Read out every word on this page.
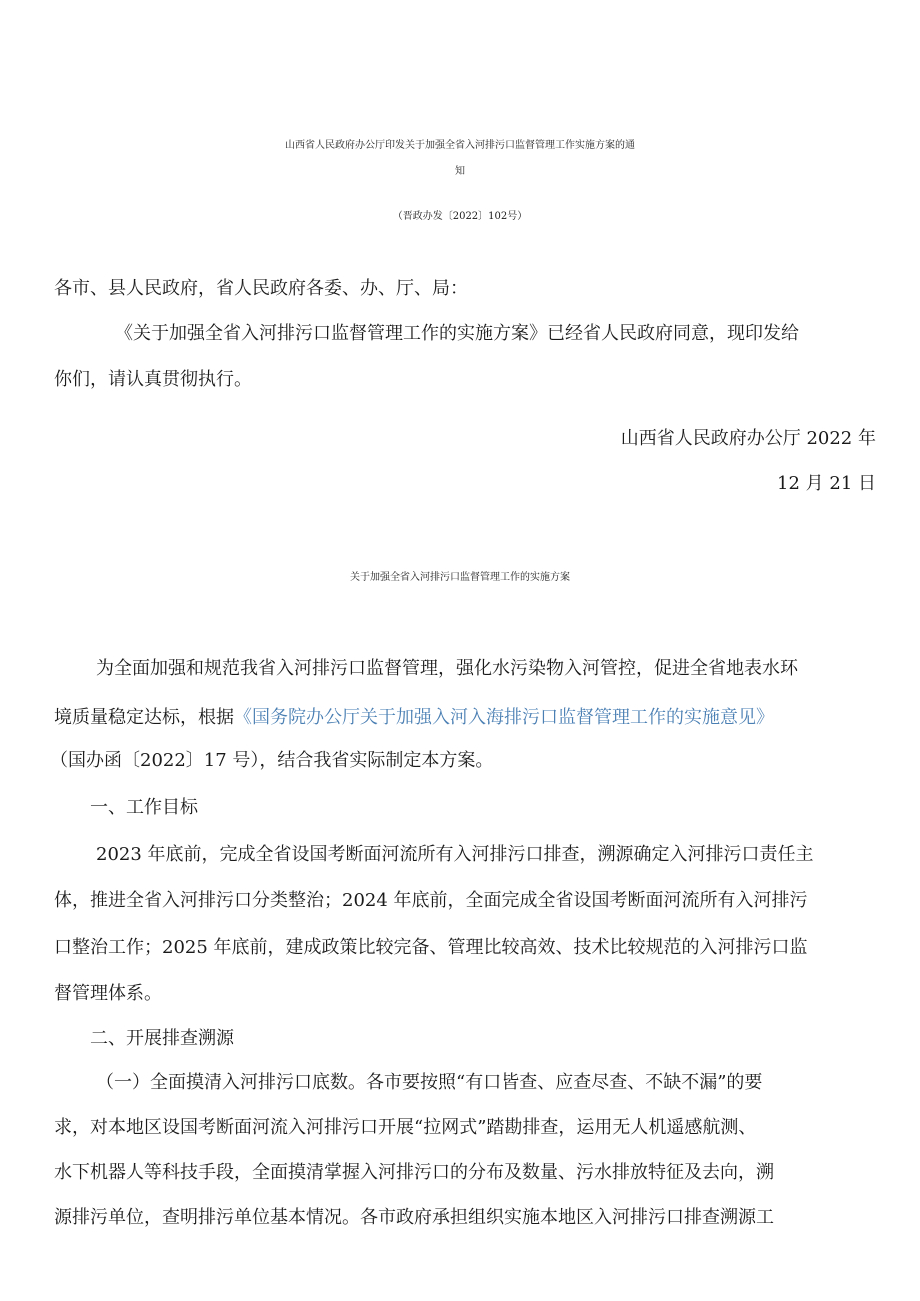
山西省人民政府办公厅印发关于加强全省入河排污口监督管理工作实施方案的通

知

（晋政办发〔2022〕102号）

各市、县人民政府，省人民政府各委、办、厅、局：

《关于加强全省入河排污口监督管理工作的实施方案》已经省人民政府同意，现印发给

你们，请认真贯彻执行。

山西省人民政府办公厅 2022 年

12 月 21 日

关于加强全省入河排污口监督管理工作的实施方案

为全面加强和规范我省入河排污口监督管理，强化水污染物入河管控，促进全省地表水环

境质量稳定达标，根据《国务院办公厅关于加强入河入海排污口监督管理工作的实施意见》

（国办函〔2022〕17 号），结合我省实际制定本方案。

一、工作目标

2023 年底前，完成全省设国考断面河流所有入河排污口排查，溯源确定入河排污口责任主

体，推进全省入河排污口分类整治；2024 年底前，全面完成全省设国考断面河流所有入河排污

口整治工作；2025 年底前，建成政策比较完备、管理比较高效、技术比较规范的入河排污口监

督管理体系。

二、开展排查溯源

（一）全面摸清入河排污口底数。各市要按照“有口皆查、应查尽查、不缺不漏”的要

求，对本地区设国考断面河流入河排污口开展“拉网式”踏勘排查，运用无人机遥感航测、

水下机器人等科技手段，全面摸清掌握入河排污口的分布及数量、污水排放特征及去向，溯

源排污单位，查明排污单位基本情况。各市政府承担组织实施本地区入河排污口排查溯源工
